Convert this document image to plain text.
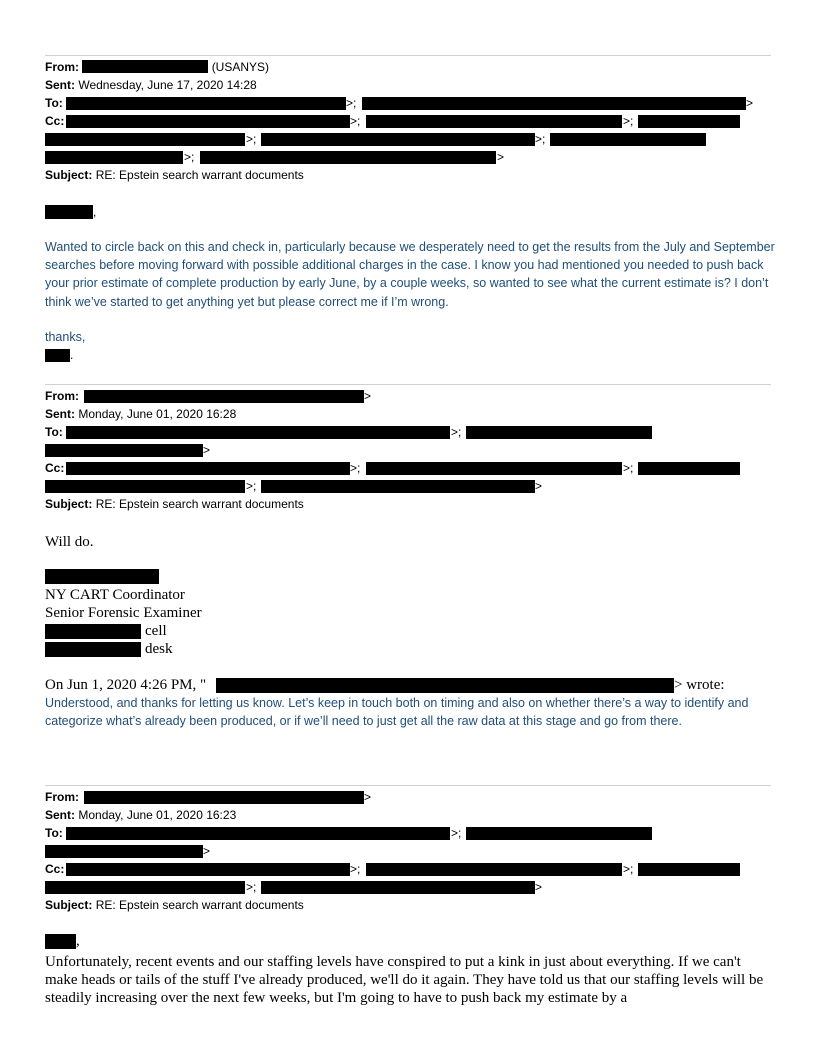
From:	(USANYS)
Sent: Wednesday, June 17, 2020 14:28
To:	>;	>
Cc:	>;	>;
>;	>;
>;	>
Subject: RE: Epstein search warrant documents
,
Wanted to circle back on this and check in, particularly because we desperately need to get the results from the July and September searches before moving forward with possible additional charges in the case. I know you had mentioned you needed to push back your prior estimate of complete production by early June, by a couple weeks, so wanted to see what the current estimate is? I don’t think we’ve started to get anything yet but please correct me if I’m wrong.
thanks,
.
From:	>
Sent: Monday, June 01, 2020 16:28
To:	>;
>
Cc:	>;	>;
>;	>
Subject: RE: Epstein search warrant documents
Will do.
NY CART Coordinator
Senior Forensic Examiner
cell
desk
On Jun 1, 2020 4:26 PM, "	> wrote:
Understood, and thanks for letting us know. Let’s keep in touch both on timing and also on whether there’s a way to identify and categorize what’s already been produced, or if we’ll need to just get all the raw data at this stage and go from there.
From:	>
Sent: Monday, June 01, 2020 16:23
To:	>;
>
Cc:	>;	>;
>;	>
Subject: RE: Epstein search warrant documents
,
Unfortunately, recent events and our staffing levels have conspired to put a kink in just about everything. If we can't make heads or tails of the stuff I've already produced, we'll do it again. They have told us that our staffing levels will be steadily increasing over the next few weeks, but I'm going to have to push back my estimate by a
